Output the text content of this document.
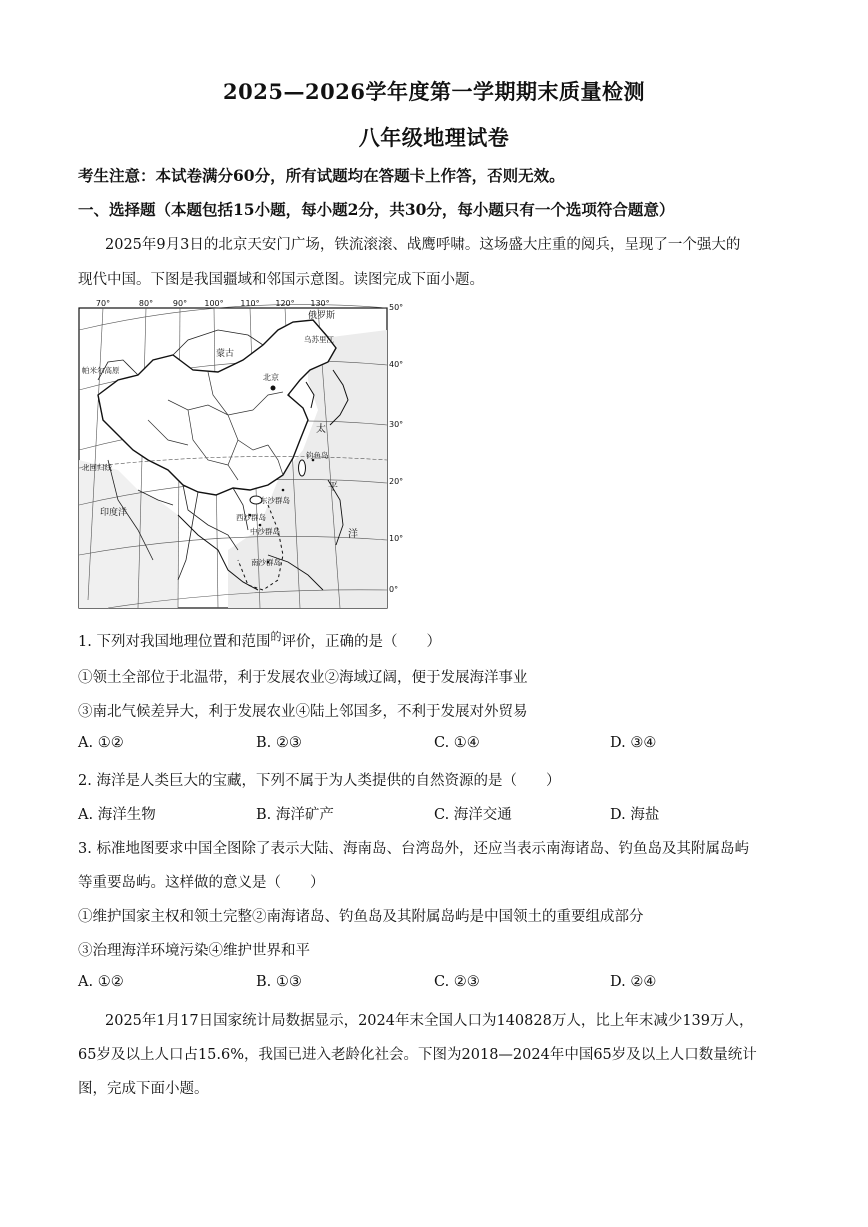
2025—2026学年度第一学期期末质量检测
八年级地理试卷
考生注意：本试卷满分60分，所有试题均在答题卡上作答，否则无效。
一、选择题（本题包括15小题，每小题2分，共30分，每小题只有一个选项符合题意）
2025年9月3日的北京天安门广场，铁流滚滚、战鹰呼啸。这场盛大庄重的阅兵，呈现了一个强大的
现代中国。下图是我国疆域和邻国示意图。读图完成下面小题。
70°	80° 90° 100° 110° 120° 130°	50°
40°
30°
20°
10°
0°
俄罗斯
乌苏里江
蒙古
帕米尔高原
北京
太
平
洋
钓鱼岛
北回归线
印度洋
东沙群岛
西沙群岛
中沙群岛
南沙群岛
1. 下列对我国地理位置和范围$^的$评价，正确的是（　　）
①领土全部位于北温带，利于发展农业②海域辽阔，便于发展海洋事业
③南北气候差异大，利于发展农业④陆上邻国多，不利于发展对外贸易
A. ①②	B. ②③	C. ①④	D. ③④
2. 海洋是人类巨大的宝藏，下列不属于为人类提供的自然资源的是（　　）
A. 海洋生物	B. 海洋矿产	C. 海洋交通	D. 海盐
3. 标准地图要求中国全图除了表示大陆、海南岛、台湾岛外，还应当表示南海诸岛、钓鱼岛及其附属岛屿
等重要岛屿。这样做的意义是（　　）
①维护国家主权和领土完整②南海诸岛、钓鱼岛及其附属岛屿是中国领土的重要组成部分
③治理海洋环境污染④维护世界和平
A. ①②	B. ①③	C. ②③	D. ②④
2025年1月17日国家统计局数据显示，2024年末全国人口为140828万人，比上年末减少139万人，
65岁及以上人口占15.6%，我国已进入老龄化社会。下图为2018—2024年中国65岁及以上人口数量统计
图，完成下面小题。
